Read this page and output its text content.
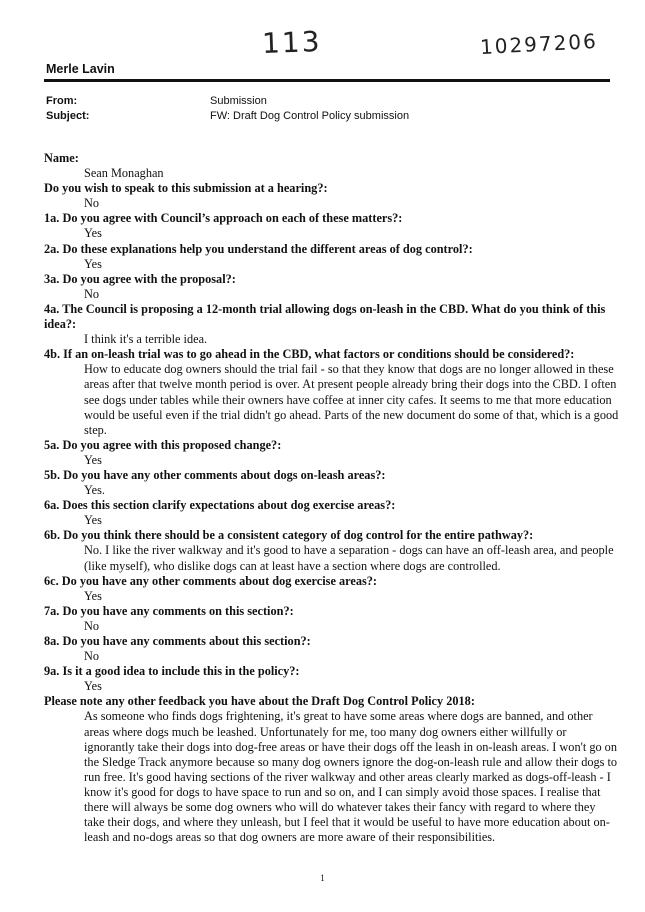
113	10297206
Merle Lavin
From:	Submission
Subject:	FW: Draft Dog Control Policy submission

Name:

Sean Monaghan

Do you wish to speak to this submission at a hearing?:

No

1a. Do you agree with Council’s approach on each of these matters?:

Yes

2a. Do these explanations help you understand the different areas of dog control?:

Yes

3a. Do you agree with the proposal?:

No

4a. The Council is proposing a 12-month trial allowing dogs on-leash in the CBD. What do you think of this idea?:

I think it's a terrible idea.

4b. If an on-leash trial was to go ahead in the CBD, what factors or conditions should be considered?:

How to educate dog owners should the trial fail - so that they know that dogs are no longer allowed in these areas after that twelve month period is over. At present people already bring their dogs into the CBD. I often see dogs under tables while their owners have coffee at inner city cafes. It seems to me that more education would be useful even if the trial didn't go ahead. Parts of the new document do some of that, which is a good step.

5a. Do you agree with this proposed change?:

Yes

5b. Do you have any other comments about dogs on-leash areas?:

Yes.

6a. Does this section clarify expectations about dog exercise areas?:

Yes

6b. Do you think there should be a consistent category of dog control for the entire pathway?:

No. I like the river walkway and it's good to have a separation - dogs can have an off-leash area, and people (like myself), who dislike dogs can at least have a section where dogs are controlled.

6c. Do you have any other comments about dog exercise areas?:

Yes

7a. Do you have any comments on this section?:

No

8a. Do you have any comments about this section?:

No

9a. Is it a good idea to include this in the policy?:

Yes

Please note any other feedback you have about the Draft Dog Control Policy 2018:

As someone who finds dogs frightening, it's great to have some areas where dogs are banned, and other areas where dogs much be leashed. Unfortunately for me, too many dog owners either willfully or ignorantly take their dogs into dog-free areas or have their dogs off the leash in on-leash areas. I won't go on the Sledge Track anymore because so many dog owners ignore the dog-on-leash rule and allow their dogs to run free. It's good having sections of the river walkway and other areas clearly marked as dogs-off-leash - I know it's good for dogs to have space to run and so on, and I can simply avoid those spaces. I realise that there will always be some dog owners who will do whatever takes their fancy with regard to where they take their dogs, and where they unleash, but I feel that it would be useful to have more education about on-leash and no-dogs areas so that dog owners are more aware of their responsibilities.

1
